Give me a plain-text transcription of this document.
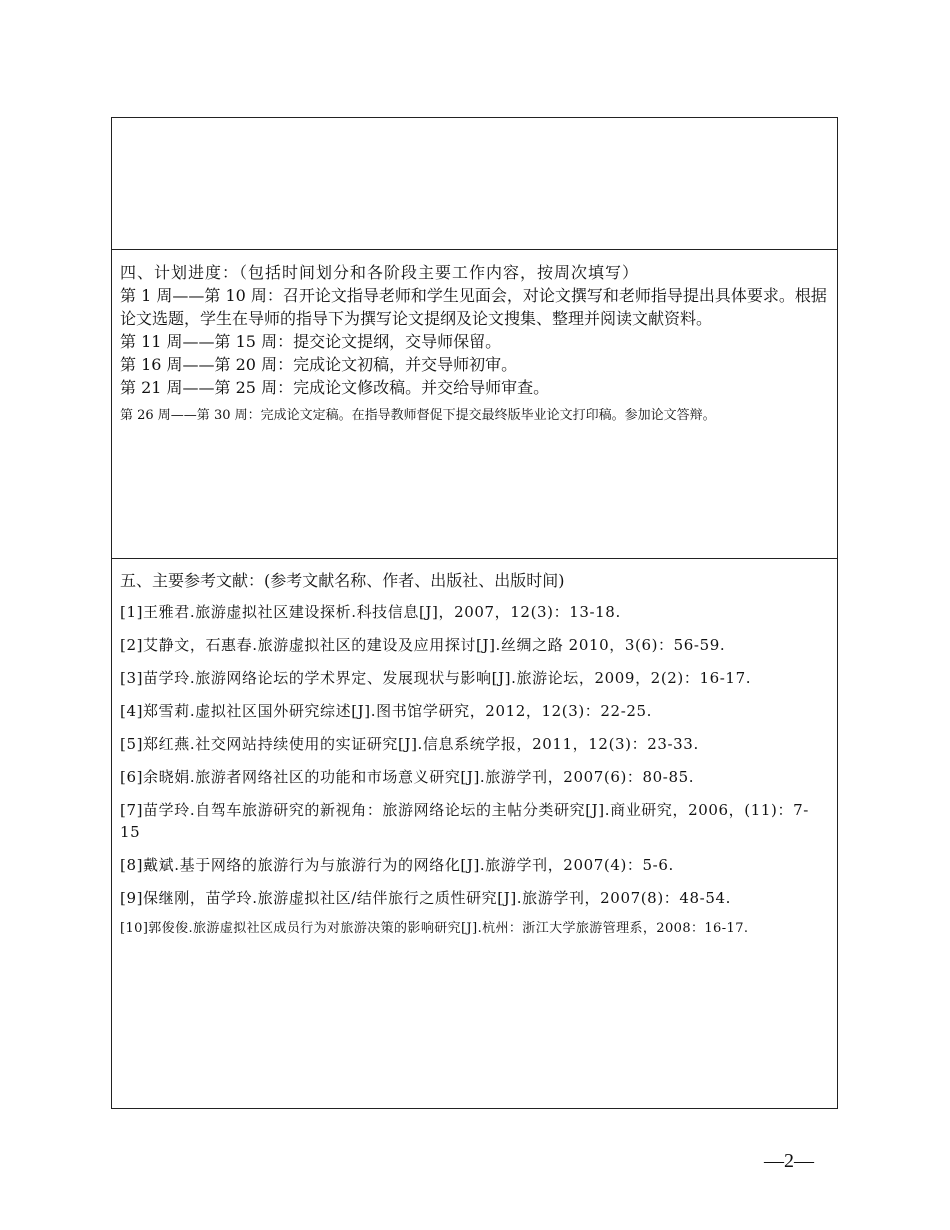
四、计划进度：（包括时间划分和各阶段主要工作内容，按周次填写）
第 1 周——第 10 周：召开论文指导老师和学生见面会，对论文撰写和老师指导提出具体要求。根据论文选题，学生在导师的指导下为撰写论文提纲及论文搜集、整理并阅读文献资料。
第 11 周——第 15 周：提交论文提纲，交导师保留。
第 16 周——第 20 周：完成论文初稿，并交导师初审。
第 21 周——第 25 周：完成论文修改稿。并交给导师审查。
第 26 周——第 30 周：完成论文定稿。在指导教师督促下提交最终版毕业论文打印稿。参加论文答辩。
五、主要参考文献：(参考文献名称、作者、出版社、出版时间)
[1]王雅君.旅游虚拟社区建设探析.科技信息[J]，2007，12(3)：13-18.
[2]艾静文，石惠春.旅游虚拟社区的建设及应用探讨[J].丝绸之路 2010，3(6)：56-59.
[3]苗学玲.旅游网络论坛的学术界定、发展现状与影响[J].旅游论坛，2009，2(2)：16-17.
[4]郑雪莉.虚拟社区国外研究综述[J].图书馆学研究，2012，12(3)：22-25.
[5]郑红燕.社交网站持续使用的实证研究[J].信息系统学报，2011，12(3)：23-33.
[6]余晓娟.旅游者网络社区的功能和市场意义研究[J].旅游学刊，2007(6)：80-85.
[7]苗学玲.自驾车旅游研究的新视角：旅游网络论坛的主帖分类研究[J].商业研究，2006，(11)：7-15
[8]戴斌.基于网络的旅游行为与旅游行为的网络化[J].旅游学刊，2007(4)：5-6.
[9]保继刚，苗学玲.旅游虚拟社区/结伴旅行之质性研究[J].旅游学刊，2007(8)：48-54.
[10]郭俊俊.旅游虚拟社区成员行为对旅游决策的影响研究[J].杭州：浙江大学旅游管理系，2008：16-17.
—2—
